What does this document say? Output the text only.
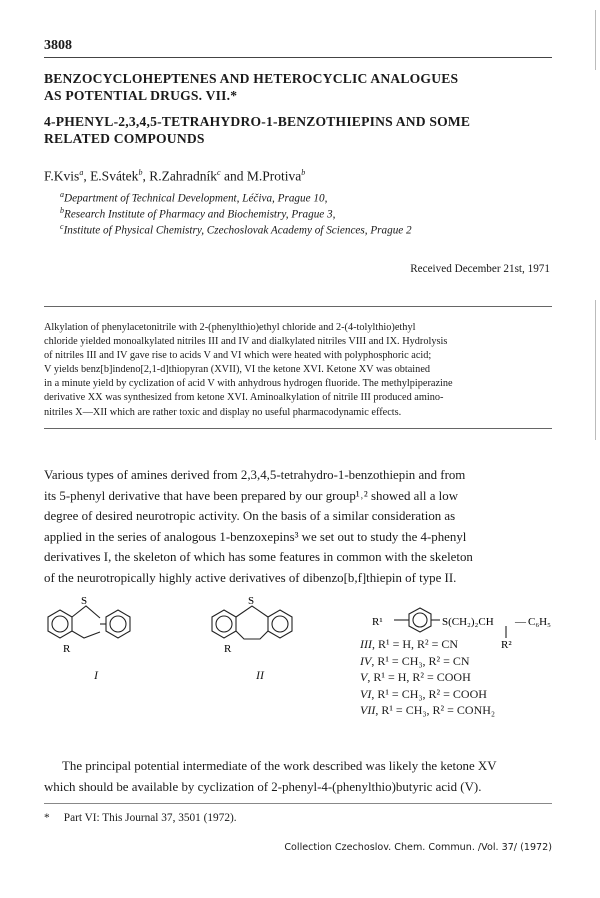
3808
BENZOCYCLOHEPTENES AND HETEROCYCLIC ANALOGUES
AS POTENTIAL DRUGS. VII.*
4-PHENYL-2,3,4,5-TETRAHYDRO-1-BENZOTHIEPINS AND SOME
RELATED COMPOUNDS
F.Kvis$^a$, E.Svátek$^b$, R.Zahradník$^c$ and M.Protiva$^b$
$^a$Department of Technical Development, Léčiva, Prague 10,
$^b$Research Institute of Pharmacy and Biochemistry, Prague 3,
$^c$Institute of Physical Chemistry, Czechoslovak Academy of Sciences, Prague 2
Received December 21st, 1971
Alkylation of phenylacetonitrile with 2-(phenylthio)ethyl chloride and 2-(4-tolylthio)ethyl
chloride yielded monoalkylated nitriles III and IV and dialkylated nitriles VIII and IX. Hydrolysis
of nitriles III and IV gave rise to acids V and VI which were heated with polyphosphoric acid;
V yields benz[b]indeno[2,1-d]thiopyran (XVII), VI the ketone XVI. Ketone XV was obtained
in a minute yield by cyclization of acid V with anhydrous hydrogen fluoride. The methylpiperazine
derivative XX was synthesized from ketone XVI. Aminoalkylation of nitrile III produced amino-
nitriles X—XII which are rather toxic and display no useful pharmacodynamic effects.
Various types of amines derived from 2,3,4,5-tetrahydro-1-benzothiepin and from
its 5-phenyl derivative that have been prepared by our group¹˒² showed all a low
degree of desired neurotropic activity. On the basis of a similar consideration as
applied in the series of analogous 1-benzoxepins³ we set out to study the 4-phenyl
derivatives I, the skeleton of which has some features in common with the skeleton
of the neurotropically highly active derivatives of dibenzo[b,f]thiepin of type II.
S
R
I
S
R
II
R¹	S(CH₂)₂CH — C₆H₅
R²
III, R¹ = H, R² = CN
IV, R¹ = CH₃, R² = CN
V, R¹ = H, R² = COOH
VI, R¹ = CH₃, R² = COOH
VII, R¹ = CH₃, R² = CONH₂
The principal potential intermediate of the work described was likely the ketone XV
which should be available by cyclization of 2-phenyl-4-(phenylthio)butyric acid (V).
* Part VI: This Journal 37, 3501 (1972).
Collection Czechoslov. Chem. Commun. /Vol. 37/ (1972)
